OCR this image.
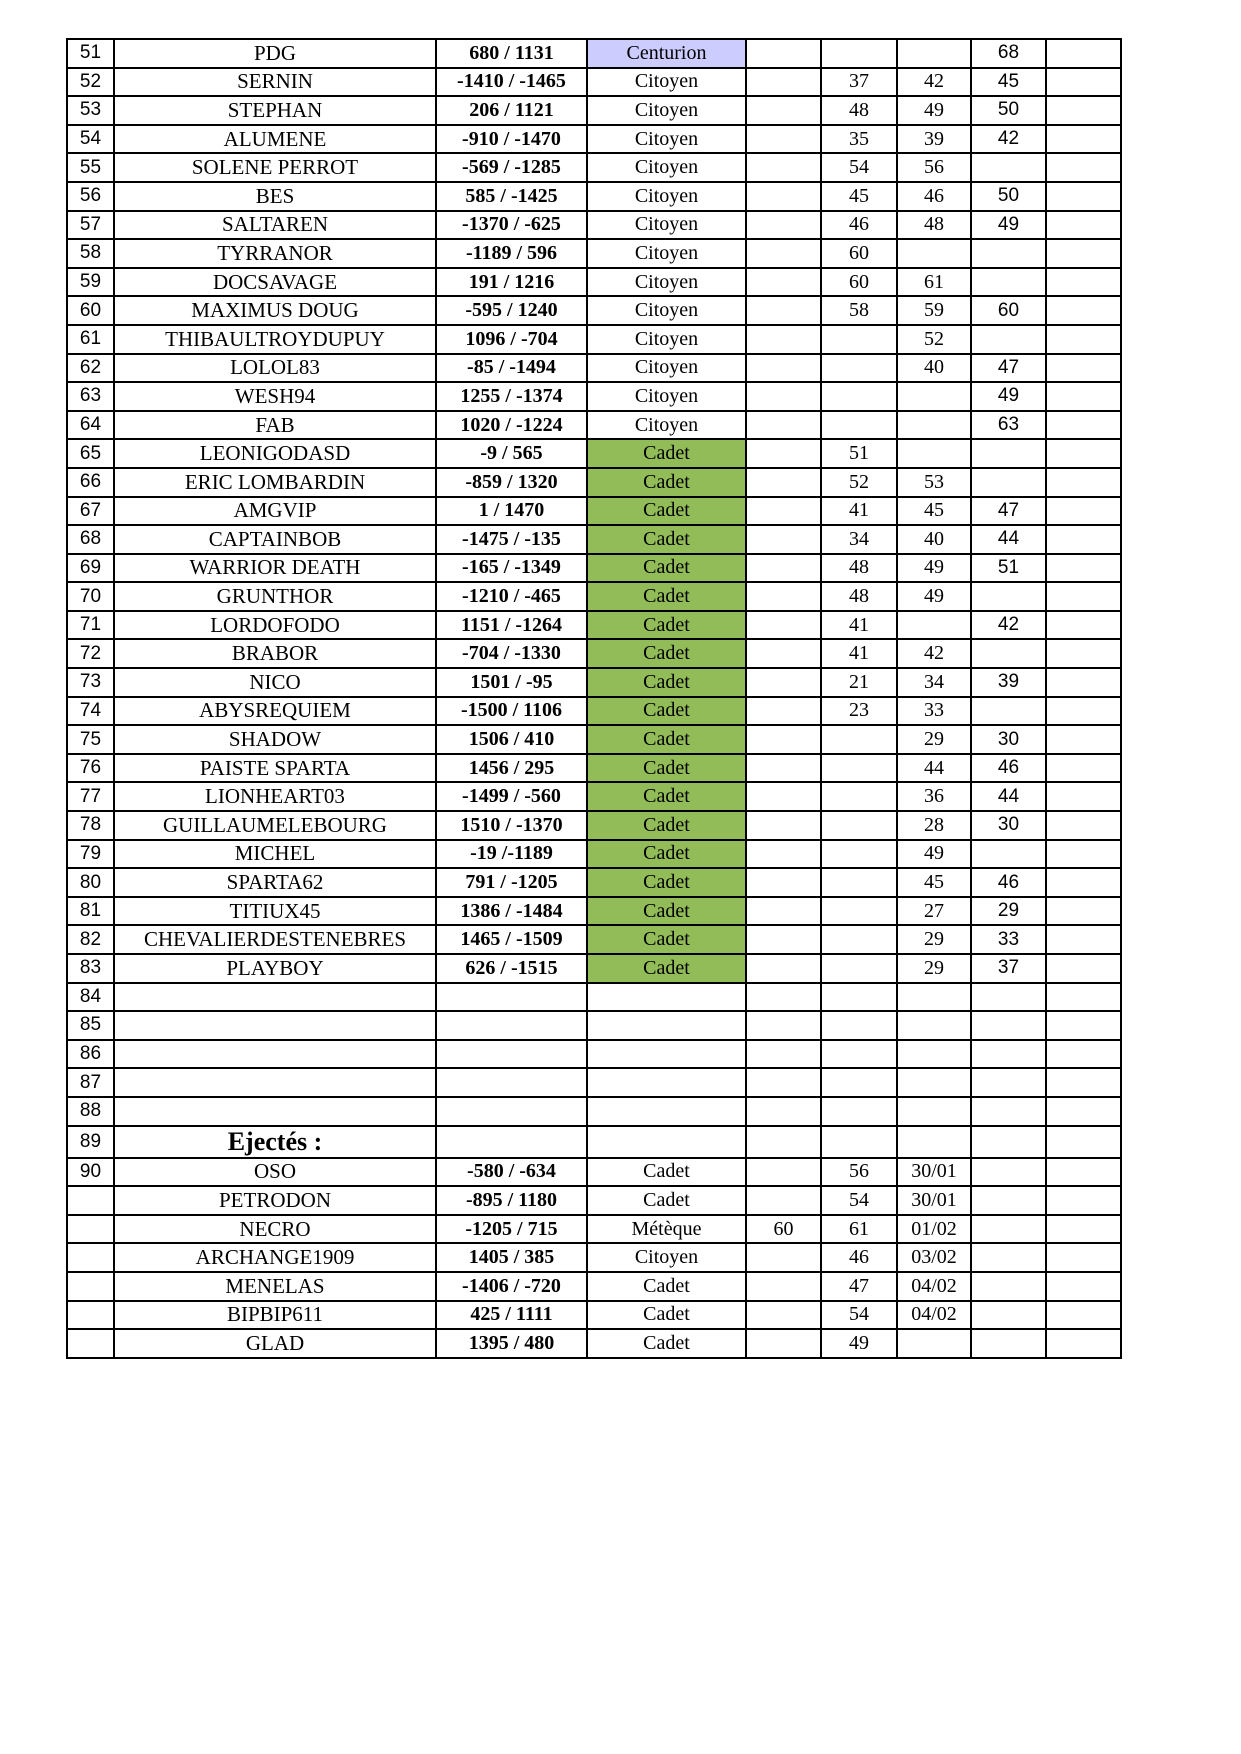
51	PDG	680 / 1131	Centurion				68	
52	SERNIN	-1410 / -1465	Citoyen		37	42	45	
53	STEPHAN	206 / 1121	Citoyen		48	49	50	
54	ALUMENE	-910 / -1470	Citoyen		35	39	42	
55	SOLENE PERROT	-569 / -1285	Citoyen		54	56		
56	BES	585 / -1425	Citoyen		45	46	50	
57	SALTAREN	-1370 / -625	Citoyen		46	48	49	
58	TYRRANOR	-1189 / 596	Citoyen		60			
59	DOCSAVAGE	191 / 1216	Citoyen		60	61		
60	MAXIMUS DOUG	-595 / 1240	Citoyen		58	59	60	
61	THIBAULTROYDUPUY	1096 / -704	Citoyen			52		
62	LOLOL83	-85 / -1494	Citoyen			40	47	
63	WESH94	1255 / -1374	Citoyen				49	
64	FAB	1020 / -1224	Citoyen				63	
65	LEONIGODASD	-9 / 565	Cadet		51			
66	ERIC LOMBARDIN	-859 / 1320	Cadet		52	53		
67	AMGVIP	1 / 1470	Cadet		41	45	47	
68	CAPTAINBOB	-1475 / -135	Cadet		34	40	44	
69	WARRIOR DEATH	-165 / -1349	Cadet		48	49	51	
70	GRUNTHOR	-1210 / -465	Cadet		48	49		
71	LORDOFODO	1151 / -1264	Cadet		41		42	
72	BRABOR	-704 / -1330	Cadet		41	42		
73	NICO	1501 / -95	Cadet		21	34	39	
74	ABYSREQUIEM	-1500 / 1106	Cadet		23	33		
75	SHADOW	1506 / 410	Cadet			29	30	
76	PAISTE SPARTA	1456 / 295	Cadet			44	46	
77	LIONHEART03	-1499 / -560	Cadet			36	44	
78	GUILLAUMELEBOURG	1510 / -1370	Cadet			28	30	
79	MICHEL	-19 /-1189	Cadet			49		
80	SPARTA62	791 / -1205	Cadet			45	46	
81	TITIUX45	1386 / -1484	Cadet			27	29	
82	CHEVALIERDESTENEBRES	1465 / -1509	Cadet			29	33	
83	PLAYBOY	626 / -1515	Cadet			29	37	
84								
85								
86								
87								
88								
89	Ejectés :							
90	OSO	-580 / -634	Cadet		56	30/01		
	PETRODON	-895 / 1180	Cadet		54	30/01		
	NECRO	-1205 / 715	Métèque	60	61	01/02		
	ARCHANGE1909	1405 / 385	Citoyen		46	03/02		
	MENELAS	-1406 / -720	Cadet		47	04/02		
	BIPBIP611	425 / 1111	Cadet		54	04/02		
	GLAD	1395 / 480	Cadet		49			
